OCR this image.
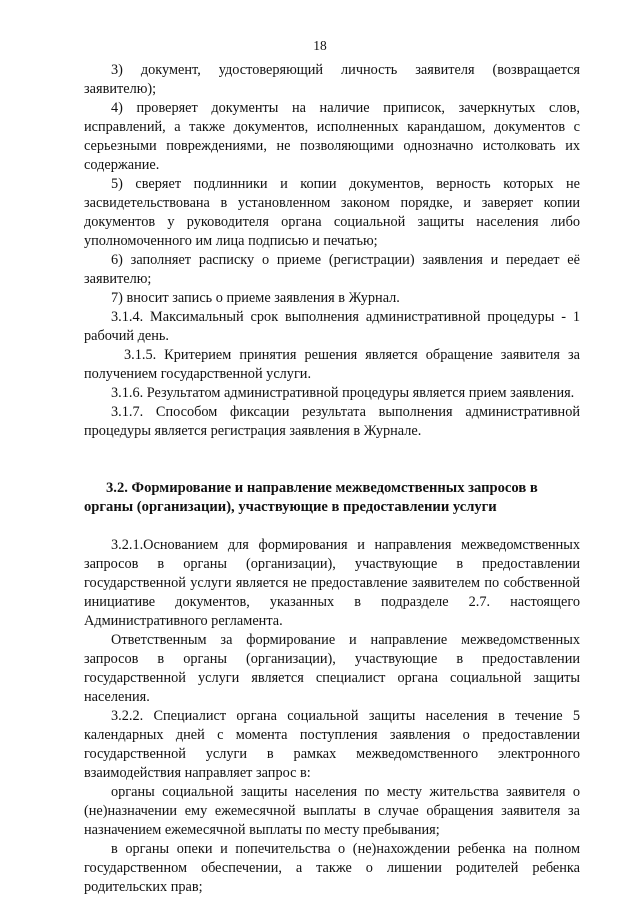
18

3) документ, удостоверяющий личность заявителя (возвращается заявителю);

4) проверяет документы на наличие приписок, зачеркнутых слов, исправлений, а также документов, исполненных карандашом, документов с серьезными повреждениями, не позволяющими однозначно истолковать их содержание.

5) сверяет подлинники и копии документов, верность которых не засвидетельствована в установленном законом порядке, и заверяет копии документов у руководителя органа социальной защиты населения либо уполномоченного им лица подписью и печатью;

6) заполняет расписку о приеме (регистрации) заявления и передает её заявителю;

7) вносит запись о приеме заявления в Журнал.

3.1.4. Максимальный срок выполнения административной процедуры - 1 рабочий день.

3.1.5. Критерием принятия решения является обращение заявителя за получением государственной услуги.

3.1.6. Результатом административной процедуры является прием заявления.

3.1.7. Способом фиксации результата выполнения административной процедуры является регистрация заявления в Журнале.

3.2. Формирование и направление межведомственных запросов в органы (организации), участвующие в предоставлении услуги

3.2.1.Основанием для формирования и направления межведомственных запросов в органы (организации), участвующие в предоставлении государственной услуги является не предоставление заявителем по собственной инициативе документов, указанных в подразделе 2.7. настоящего Административного регламента.

Ответственным за формирование и направление межведомственных запросов в органы (организации), участвующие в предоставлении государственной услуги является специалист органа социальной защиты населения.

3.2.2. Специалист органа социальной защиты населения в течение 5 календарных дней с момента поступления заявления о предоставлении государственной услуги в рамках межведомственного электронного взаимодействия направляет запрос в:

органы социальной защиты населения по месту жительства заявителя о (не)назначении ему ежемесячной выплаты в случае обращения заявителя за назначением ежемесячной выплаты по месту пребывания;

в органы опеки и попечительства о (не)нахождении ребенка на полном государственном обеспечении, а также о лишении родителей ребенка родительских прав;
